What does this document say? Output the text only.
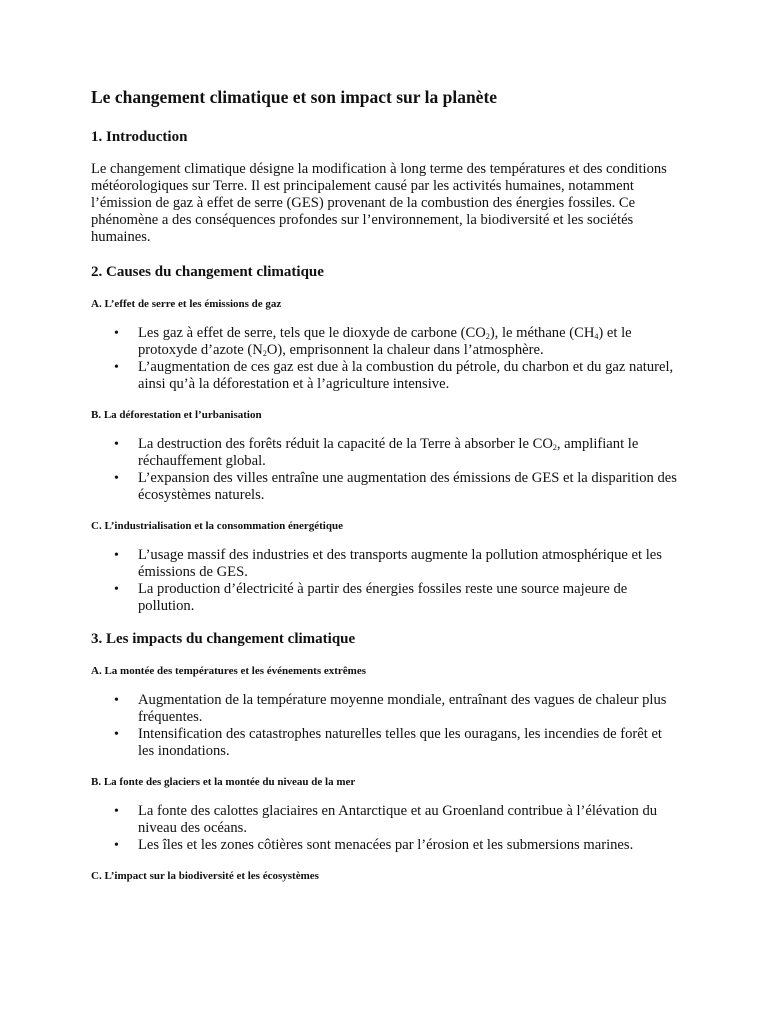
Le changement climatique et son impact sur la planète
1. Introduction

Le changement climatique désigne la modification à long terme des températures et des conditions météorologiques sur Terre. Il est principalement causé par les activités humaines, notamment l’émission de gaz à effet de serre (GES) provenant de la combustion des énergies fossiles. Ce phénomène a des conséquences profondes sur l’environnement, la biodiversité et les sociétés humaines.

2. Causes du changement climatique
A. L’effet de serre et les émissions de gaz
• Les gaz à effet de serre, tels que le dioxyde de carbone $(CO_2)$, le méthane $(CH_4)$ et le protoxyde d’azote $(N_2O)$, emprisonnent la chaleur dans l’atmosphère.
• L’augmentation de ces gaz est due à la combustion du pétrole, du charbon et du gaz naturel, ainsi qu’à la déforestation et à l’agriculture intensive.
B. La déforestation et l’urbanisation
• La destruction des forêts réduit la capacité de la Terre à absorber le $CO_2$, amplifiant le réchauffement global.
• L’expansion des villes entraîne une augmentation des émissions de GES et la disparition des écosystèmes naturels.
C. L’industrialisation et la consommation énergétique
• L’usage massif des industries et des transports augmente la pollution atmosphérique et les émissions de GES.
• La production d’électricité à partir des énergies fossiles reste une source majeure de pollution.
3. Les impacts du changement climatique
A. La montée des températures et les événements extrêmes
• Augmentation de la température moyenne mondiale, entraînant des vagues de chaleur plus fréquentes.
• Intensification des catastrophes naturelles telles que les ouragans, les incendies de forêt et les inondations.
B. La fonte des glaciers et la montée du niveau de la mer
• La fonte des calottes glaciaires en Antarctique et au Groenland contribue à l’élévation du niveau des océans.
• Les îles et les zones côtières sont menacées par l’érosion et les submersions marines.
C. L’impact sur la biodiversité et les écosystèmes
